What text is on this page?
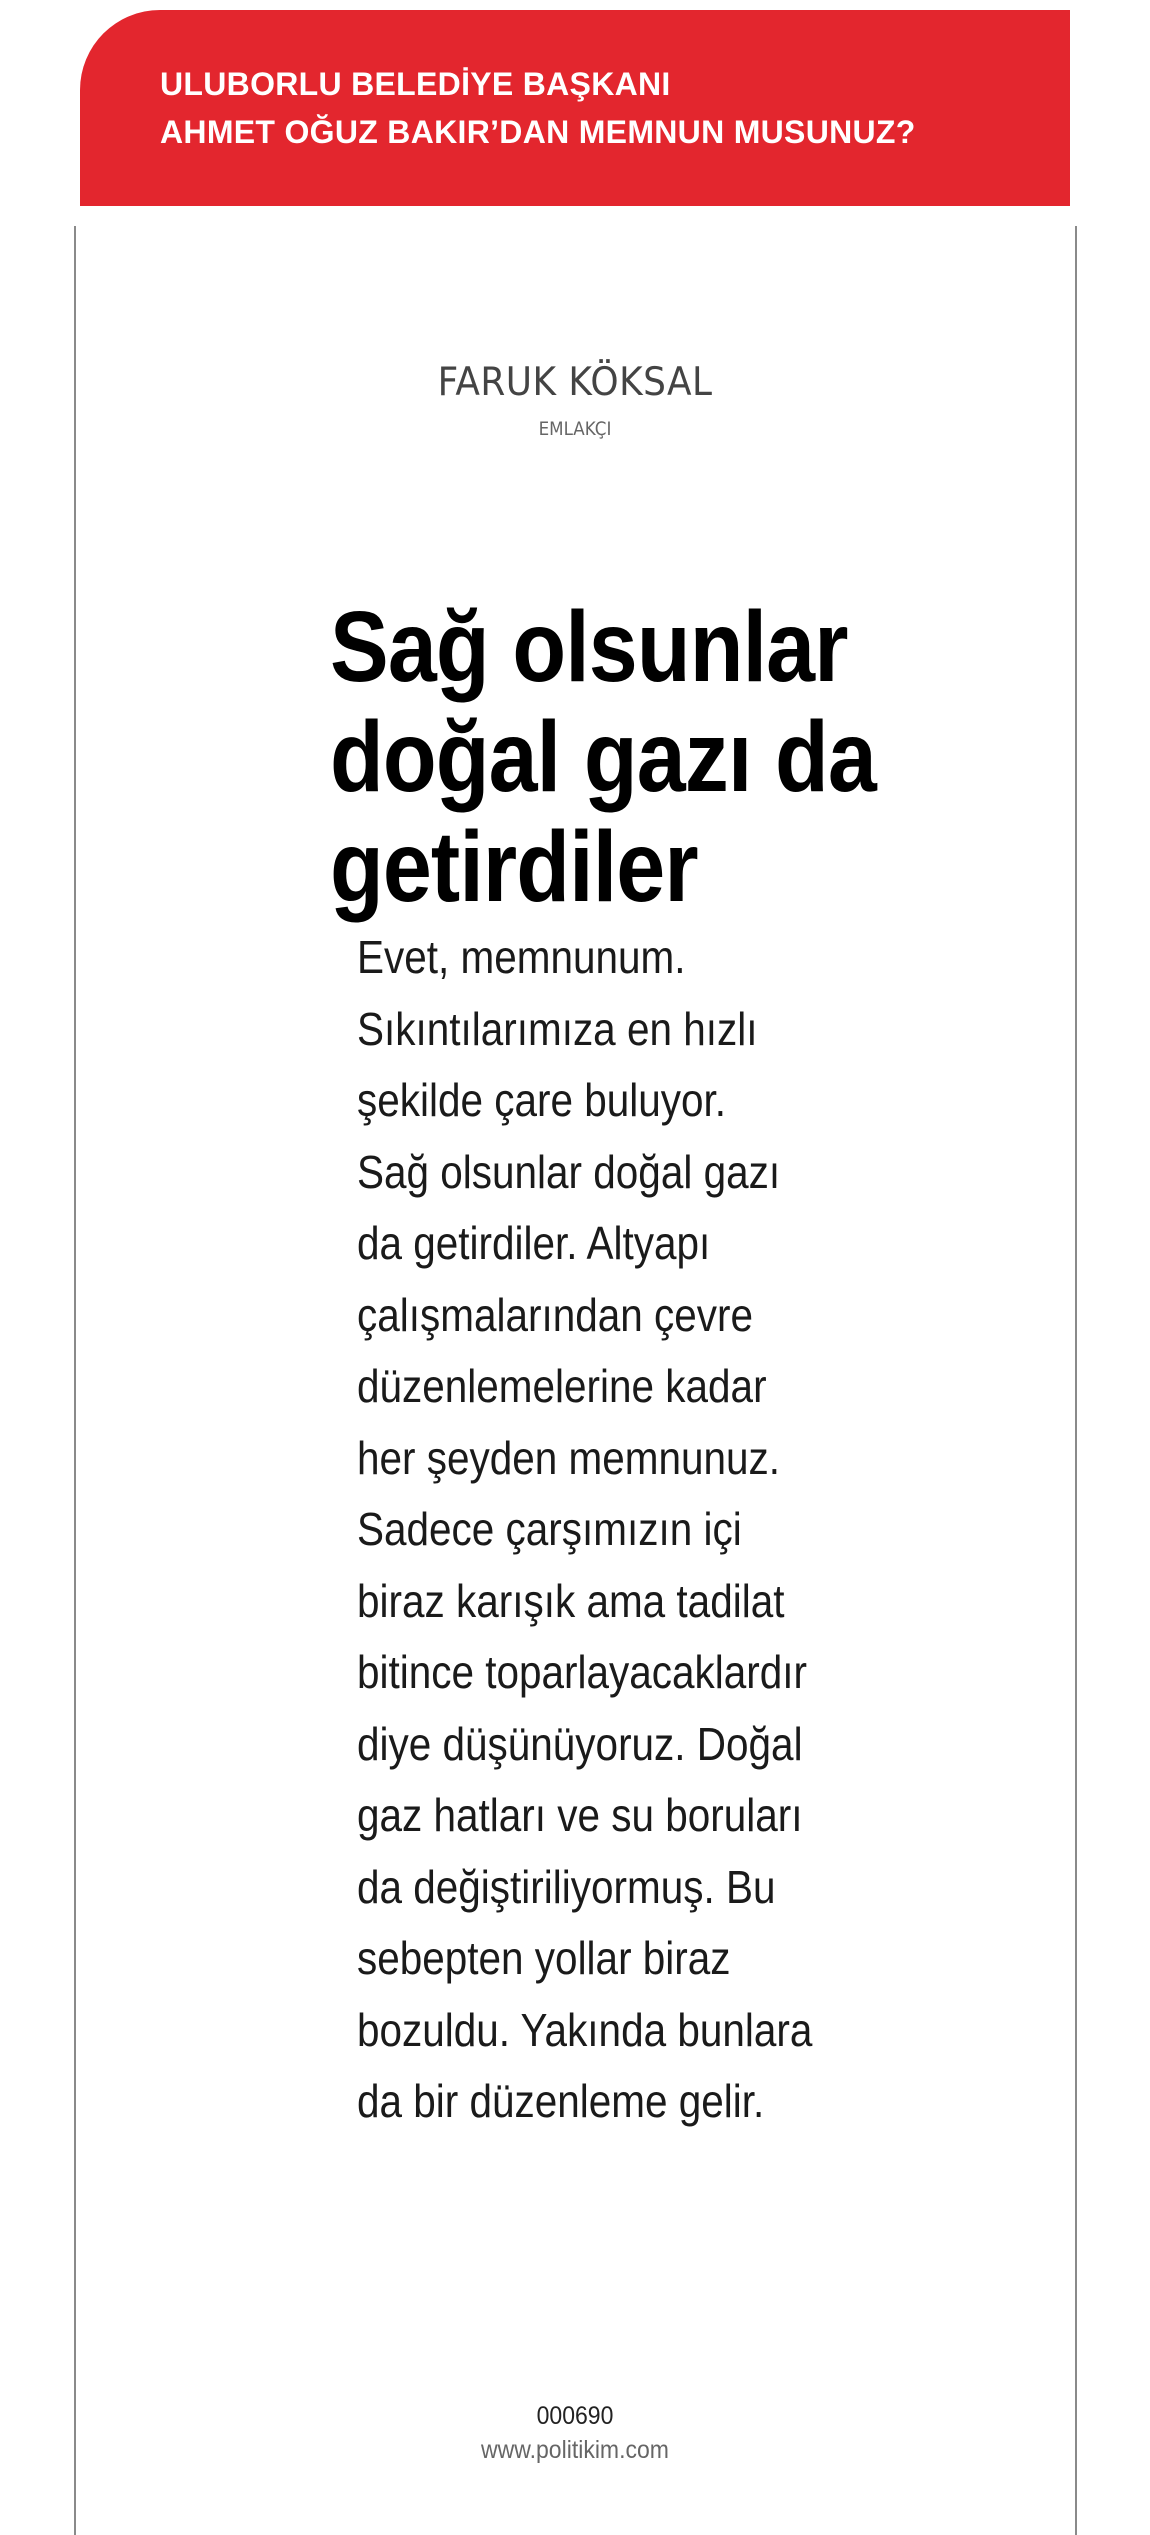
ULUBORLU BELEDİYE BAŞKANI
AHMET OĞUZ BAKIR’DAN MEMNUN MUSUNUZ?
FARUK KÖKSAL
EMLAKÇI
Sağ olsunlar
doğal gazı da
getirdiler
Evet, memnunum.
Sıkıntılarımıza en hızlı
şekilde çare buluyor.
Sağ olsunlar doğal gazı
da getirdiler. Altyapı
çalışmalarından çevre
düzenlemelerine kadar
her şeyden memnunuz.
Sadece çarşımızın içi
biraz karışık ama tadilat
bitince toparlayacaklardır
diye düşünüyoruz. Doğal
gaz hatları ve su boruları
da değiştiriliyormuş. Bu
sebepten yollar biraz
bozuldu. Yakında bunlara
da bir düzenleme gelir.
000690
www.politikim.com
